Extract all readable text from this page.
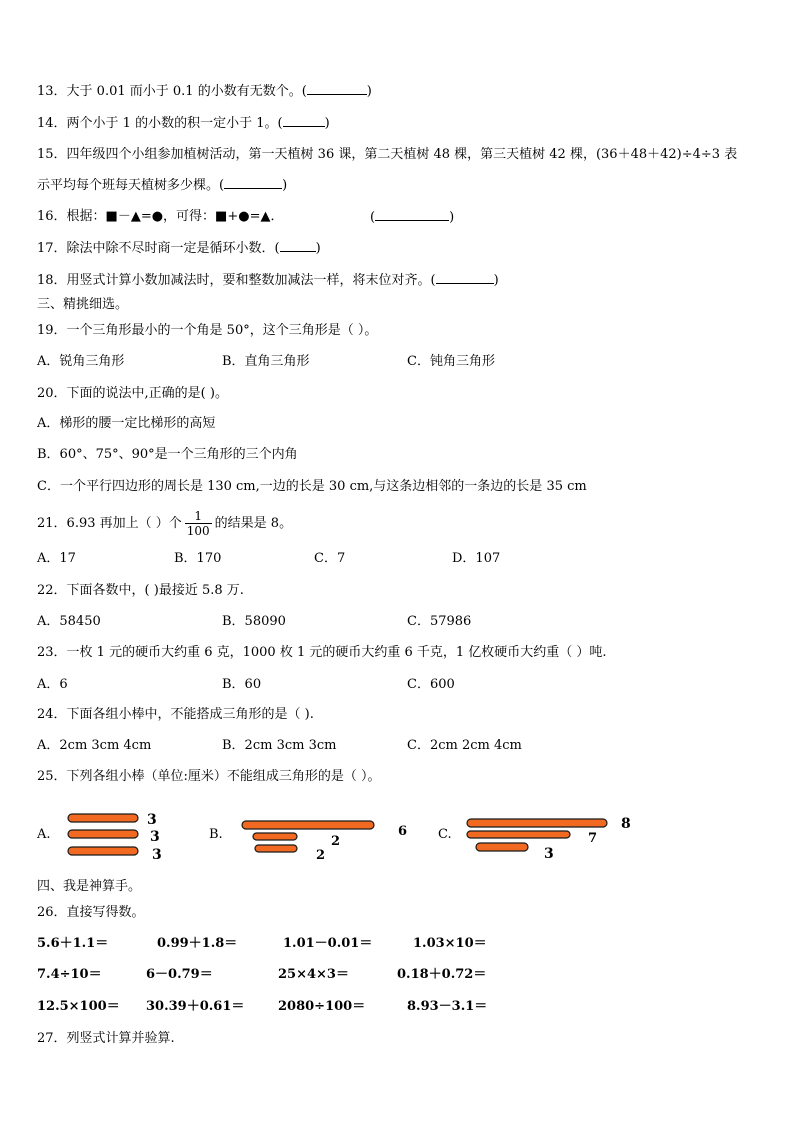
13．大于 0.01 而小于 0.1 的小数有无数个。(	)
14．两个小于 1 的小数的积一定小于 1。(	)
15．四年级四个小组参加植树活动，第一天植树 36 课，第二天植树 48 棵，第三天植树 42 棵，(36＋48＋42)÷4÷3 表
示平均每个班每天植树多少棵。(	)
16．根据：■－▲=●，可得：■+●=▲．	(	)
17．除法中除不尽时商一定是循环小数．(	)
18．用竖式计算小数加减法时，要和整数加减法一样，将末位对齐。(	)
三、精挑细选。
19．一个三角形最小的一个角是 50°，这个三角形是（ ）。
A．锐角三角形	B．直角三角形	C．钝角三角形
20．下面的说法中,正确的是( )。
A．梯形的腰一定比梯形的高短
B．60°、75°、90°是一个三角形的三个内角
C．一个平行四边形的周长是 130 cm,一边的长是 30 cm,与这条边相邻的一条边的长是 35 cm
21．6.93 再加上（ ）个 $\frac{1}{100}$ 的结果是 8。
A．17	B．170	C．7	D．107
22．下面各数中，( )最接近 5.8 万.
A．58450	B．58090	C．57986
23．一枚 1 元的硬币大约重 6 克，1000 枚 1 元的硬币大约重 6 千克，1 亿枚硬币大约重（ ）吨.
A．6	B．60	C．600
24．下面各组小棒中，不能搭成三角形的是（ ).
A．2cm 3cm 4cm	B．2cm 3cm 3cm	C．2cm 2cm 4cm
25．下列各组小棒（单位:厘米）不能组成三角形的是（ ）。
A.	B.	C.
3
3
3
6
2
2
8
7
3
四、我是神算手。
26．直接写得数。
5.6＋1.1＝	0.99＋1.8＝	1.01－0.01＝	1.03×10＝
7.4÷10＝	6－0.79＝	25×4×3＝	0.18＋0.72＝
12.5×100＝ 30.39＋0.61＝	2080÷100＝	8.93－3.1＝
27．列竖式计算并验算.
